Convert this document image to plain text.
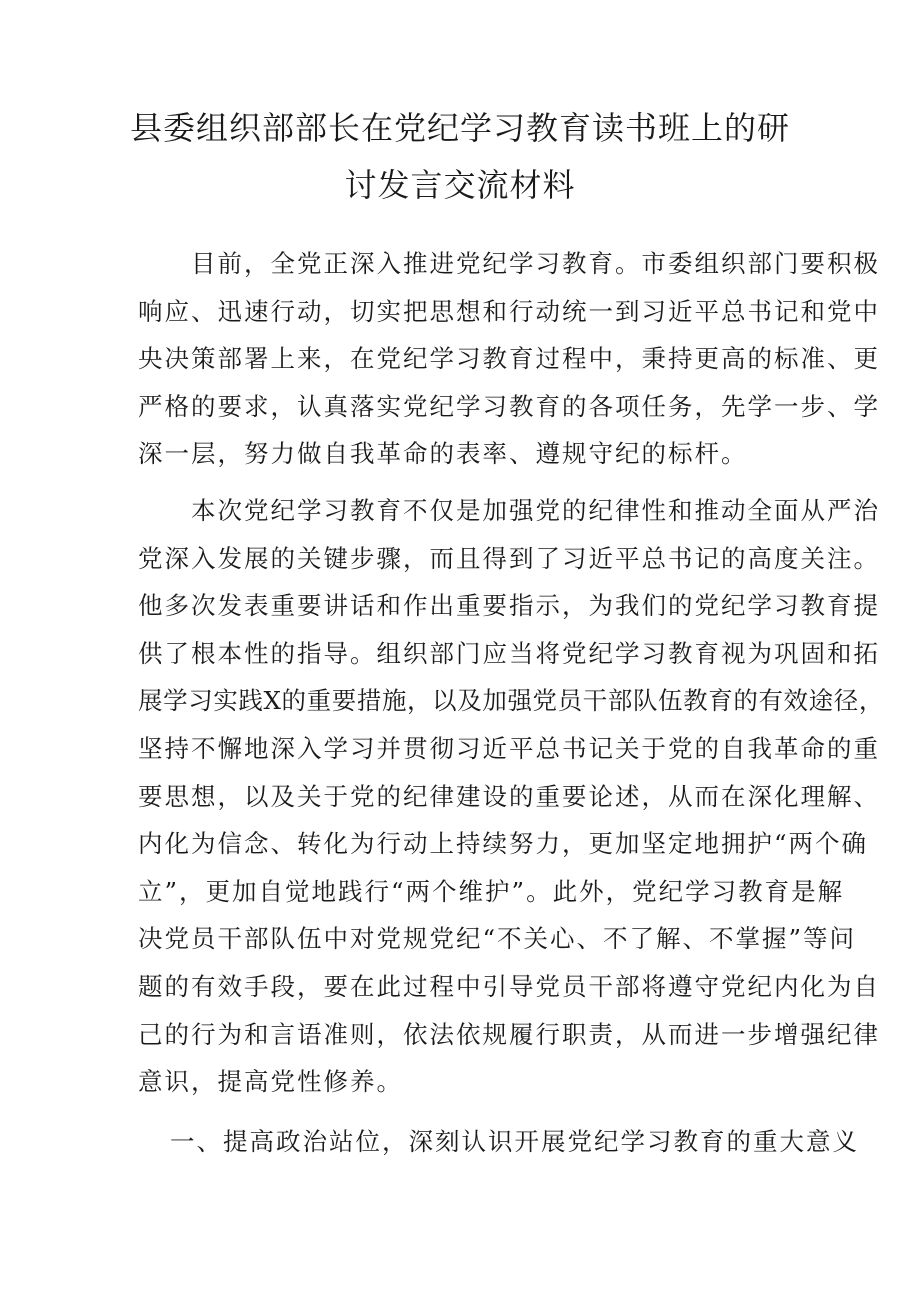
县委组织部部长在党纪学习教育读书班上的研
讨发言交流材料
　　目前，全党正深入推进党纪学习教育。市委组织部门要积极
响应、迅速行动，切实把思想和行动统一到习近平总书记和党中
央决策部署上来，在党纪学习教育过程中，秉持更高的标准、更
严格的要求，认真落实党纪学习教育的各项任务，先学一步、学
深一层，努力做自我革命的表率、遵规守纪的标杆。
　　本次党纪学习教育不仅是加强党的纪律性和推动全面从严治
党深入发展的关键步骤，而且得到了习近平总书记的高度关注。
他多次发表重要讲话和作出重要指示，为我们的党纪学习教育提
供了根本性的指导。组织部门应当将党纪学习教育视为巩固和拓
展学习实践X的重要措施，以及加强党员干部队伍教育的有效途径，
坚持不懈地深入学习并贯彻习近平总书记关于党的自我革命的重
要思想，以及关于党的纪律建设的重要论述，从而在深化理解、
内化为信念、转化为行动上持续努力，更加坚定地拥护“两个确
立”，更加自觉地践行“两个维护”。此外，党纪学习教育是解
决党员干部队伍中对党规党纪“不关心、不了解、不掌握”等问
题的有效手段，要在此过程中引导党员干部将遵守党纪内化为自
己的行为和言语准则，依法依规履行职责，从而进一步增强纪律
意识，提高党性修养。
一、提高政治站位，深刻认识开展党纪学习教育的重大意义
